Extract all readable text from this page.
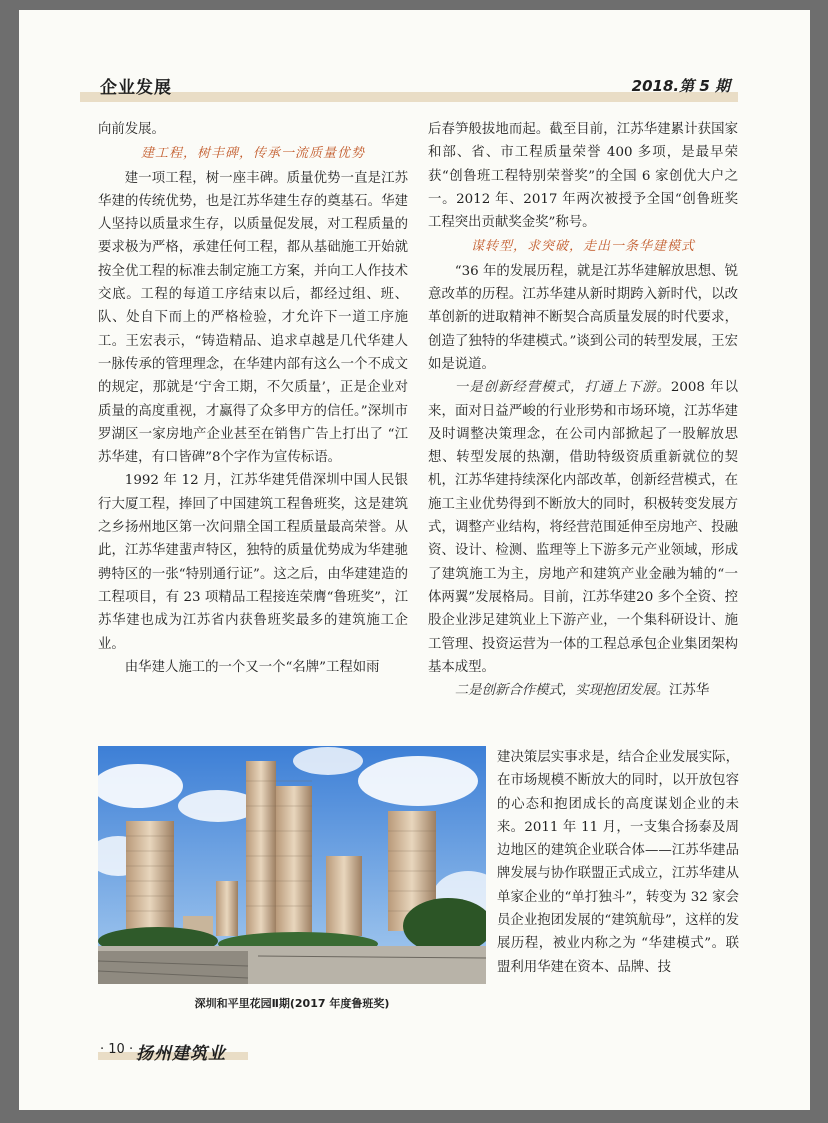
企业发展	2018.第 5 期

向前发展。

建工程，树丰碑，传承一流质量优势

建一项工程，树一座丰碑。质量优势一直是江苏华建的传统优势，也是江苏华建生存的奠基石。华建人坚持以质量求生存，以质量促发展，对工程质量的要求极为严格，承建任何工程，都从基础施工开始就按全优工程的标准去制定施工方案，并向工人作技术交底。工程的每道工序结束以后，都经过组、班、队、处自下而上的严格检验，才允许下一道工序施工。王宏表示，“铸造精品、追求卓越是几代华建人一脉传承的管理理念，在华建内部有这么一个不成文的规定，那就是‘宁舍工期，不欠质量’，正是企业对质量的高度重视，才赢得了众多甲方的信任。”深圳市罗湖区一家房地产企业甚至在销售广告上打出了 “江苏华建，有口皆碑”8个字作为宣传标语。

1992 年 12 月，江苏华建凭借深圳中国人民银行大厦工程，捧回了中国建筑工程鲁班奖，这是建筑之乡扬州地区第一次问鼎全国工程质量最高荣誉。从此，江苏华建蜚声特区，独特的质量优势成为华建驰骋特区的一张“特别通行证”。这之后，由华建建造的工程项目，有 23 项精品工程接连荣膺“鲁班奖”，江苏华建也成为江苏省内获鲁班奖最多的建筑施工企业。

由华建人施工的一个又一个“名牌”工程如雨

后春笋般拔地而起。截至目前，江苏华建累计获国家和部、省、市工程质量荣誉 400 多项，是最早荣获“创鲁班工程特别荣誉奖”的全国 6 家创优大户之一。2012 年、2017 年两次被授予全国“创鲁班奖工程突出贡献奖金奖”称号。

谋转型，求突破，走出一条华建模式

“36 年的发展历程，就是江苏华建解放思想、锐意改革的历程。江苏华建从新时期跨入新时代，以改革创新的进取精神不断契合高质量发展的时代要求，创造了独特的华建模式。”谈到公司的转型发展，王宏如是说道。

一是创新经营模式，打通上下游。2008 年以来，面对日益严峻的行业形势和市场环境，江苏华建及时调整决策理念，在公司内部掀起了一股解放思想、转型发展的热潮，借助特级资质重新就位的契机，江苏华建持续深化内部改革，创新经营模式，在施工主业优势得到不断放大的同时，积极转变发展方式，调整产业结构，将经营范围延伸至房地产、投融资、设计、检测、监理等上下游多元产业领域，形成了建筑施工为主，房地产和建筑产业金融为辅的“一体两翼”发展格局。目前，江苏华建20 多个全资、控股企业涉足建筑业上下游产业，一个集科研设计、施工管理、投资运营为一体的工程总承包企业集团架构基本成型。

二是创新合作模式，实现抱团发展。江苏华

深圳和平里花园Ⅱ期(2017 年度鲁班奖)

建决策层实事求是，结合企业发展实际，在市场规模不断放大的同时，以开放包容的心态和抱团成长的高度谋划企业的未来。2011 年 11 月，一支集合扬泰及周边地区的建筑企业联合体——江苏华建品牌发展与协作联盟正式成立，江苏华建从单家企业的“单打独斗”，转变为 32 家会员企业抱团发展的“建筑航母”，这样的发展历程，被业内称之为 “华建模式”。联盟利用华建在资本、品牌、技

· 10 · 扬州建筑业
